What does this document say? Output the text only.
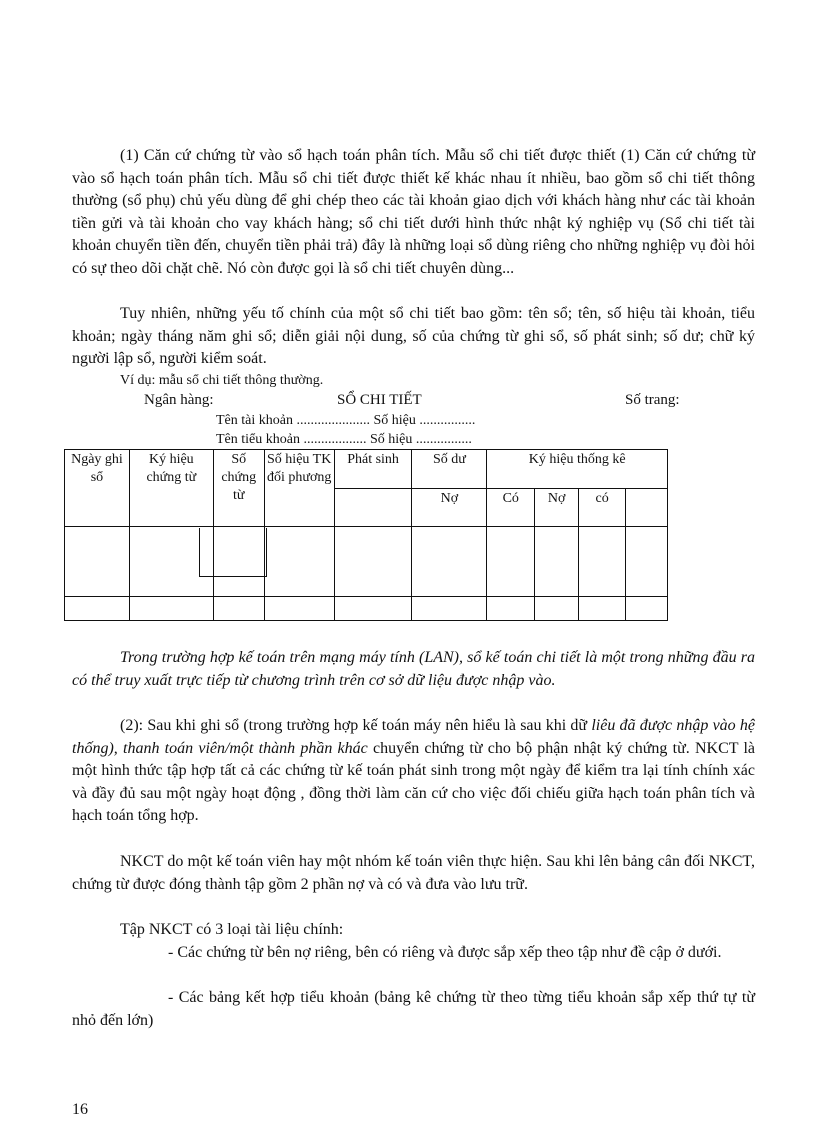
(1) Căn cứ chứng từ vào sổ hạch toán phân tích. Mẫu sổ chi tiết được thiết (1) Căn cứ chứng từ vào sổ hạch toán phân tích. Mẫu sổ chi tiết được thiết kế khác nhau ít nhiều, bao gồm sổ chi tiết thông thường (sổ phụ) chủ yếu dùng để ghi chép theo các tài khoản giao dịch với khách hàng như các tài khoản tiền gửi và tài khoản cho vay khách hàng; sổ chi tiết dưới hình thức nhật ký nghiệp vụ (Sổ chi tiết tài khoản chuyển tiền đến, chuyển tiền phải trả) đây là những loại sổ dùng riêng cho những nghiệp vụ đòi hỏi có sự theo dõi chặt chẽ. Nó còn được gọi là sổ chi tiết chuyên dùng...

Tuy nhiên, những yếu tố chính của một sổ chi tiết bao gồm: tên sổ; tên, số hiệu tài khoản, tiểu khoản; ngày tháng năm ghi sổ; diễn giải nội dung, số của chứng từ ghi sổ, số phát sinh; số dư; chữ ký người lập sổ, người kiểm soát.

Ví dụ: mẫu sổ chi tiết thông thường.
Ngân hàng:	SỔ CHI TIẾT	Số trang:
Tên tài khoản ..................... Số hiệu ................
Tên tiểu khoản .................. Số hiệu ................
Ngày ghi sổ	Ký hiệu chứng từ	Số chứng từ	Số hiệu TK đối phương	Phát sinh	Số dư	Ký hiệu thống kê			
					Nợ	Có	Nợ	có	

Trong trường hợp kế toán trên mạng máy tính (LAN), sổ kế toán chi tiết là một trong những đầu ra có thể truy xuất trực tiếp từ chương trình trên cơ sở dữ liệu được nhập vào.

(2): Sau khi ghi sổ (trong trường hợp kế toán máy nên hiểu là sau khi dữ liêu đã được nhập vào hệ thống), thanh toán viên/một thành phần khác chuyển chứng từ cho bộ phận nhật ký chứng từ. NKCT là một hình thức tập hợp tất cả các chứng từ kế toán phát sinh trong một ngày để kiểm tra lại tính chính xác và đầy đủ sau một ngày hoạt động , đồng thời làm căn cứ cho việc đối chiếu giữa hạch toán phân tích và hạch toán tổng hợp.

NKCT do một kế toán viên hay một nhóm kế toán viên thực hiện. Sau khi lên bảng cân đối NKCT, chứng từ được đóng thành tập gồm 2 phần nợ và có và đưa vào lưu trữ.

Tập NKCT có 3 loại tài liệu chính:

- Các chứng từ bên nợ riêng, bên có riêng và được sắp xếp theo tập như đề cập ở dưới.

- Các bảng kết hợp tiểu khoản (bảng kê chứng từ theo từng tiểu khoản sắp xếp thứ tự từ nhỏ đến lớn)

16
